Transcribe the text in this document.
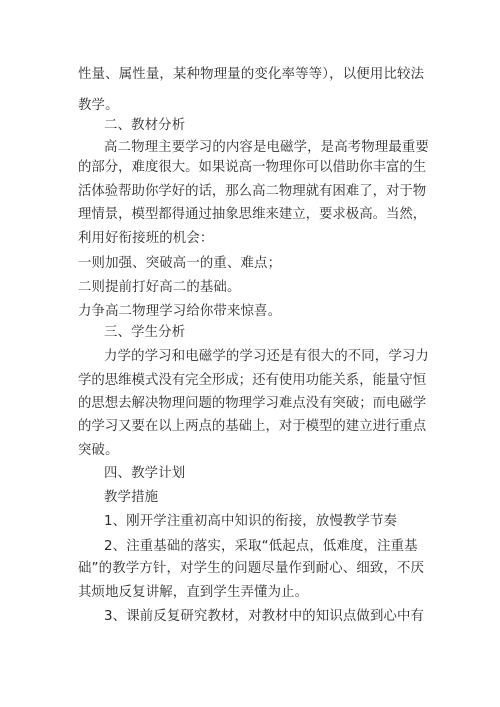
性量、属性量，某种物理量的变化率等等），以便用比较法
教学。
二、教材分析
高二物理主要学习的内容是电磁学，是高考物理最重要
的部分，难度很大。如果说高一物理你可以借助你丰富的生
活体验帮助你学好的话，那么高二物理就有困难了，对于物
理情景，模型都得通过抽象思维来建立，要求极高。当然，
利用好衔接班的机会：
一则加强、突破高一的重、难点；
二则提前打好高二的基础。
力争高二物理学习给你带来惊喜。
三、学生分析
力学的学习和电磁学的学习还是有很大的不同，学习力
学的思维模式没有完全形成；还有使用功能关系，能量守恒
的思想去解决物理问题的物理学习难点没有突破；而电磁学
的学习又要在以上两点的基础上，对于模型的建立进行重点
突破。
四、教学计划
教学措施
1、刚开学注重初高中知识的衔接，放慢教学节奏
2、注重基础的落实，采取“低起点，低难度，注重基
础”的教学方针，对学生的问题尽量作到耐心、细致，不厌
其烦地反复讲解，直到学生弄懂为止。
3、课前反复研究教材，对教材中的知识点做到心中有
